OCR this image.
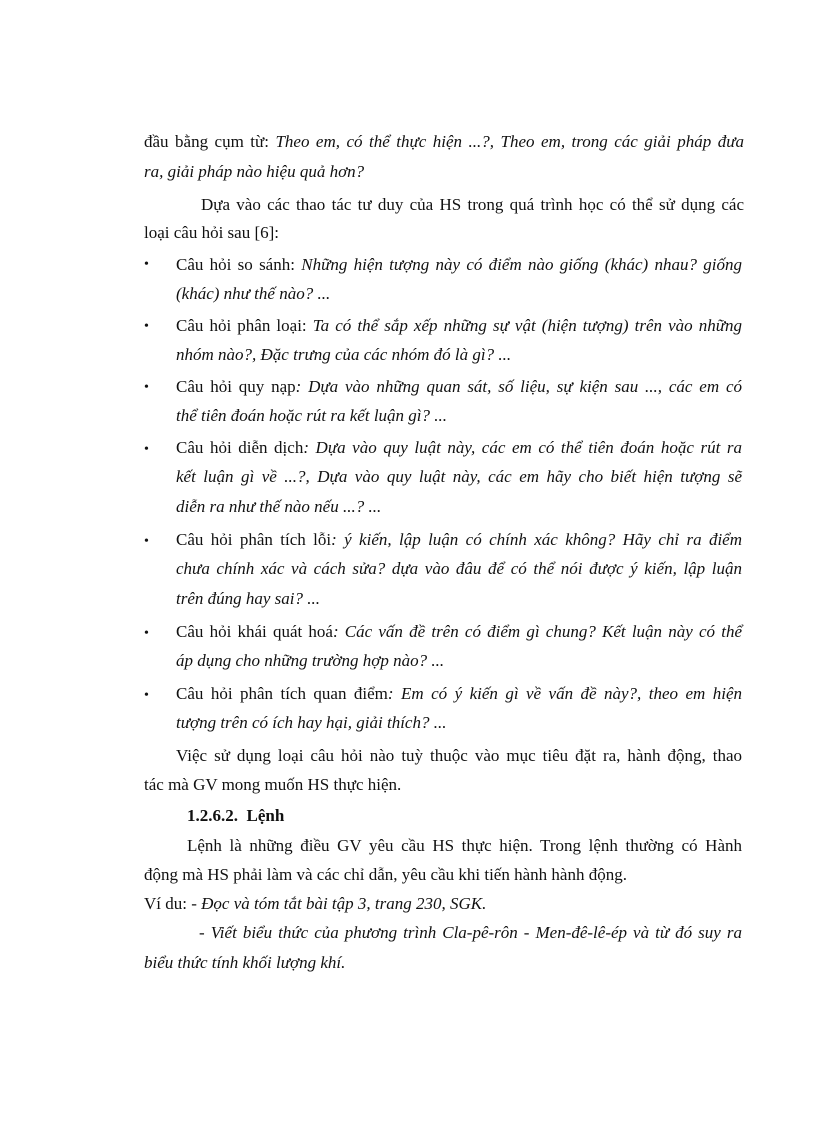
đầu bằng cụm từ: Theo em, có thể thực hiện ...?, Theo em, trong các giải pháp đưa
ra, giải pháp nào hiệu quả hơn?
Dựa vào các thao tác tư duy của HS trong quá trình học có thể sử dụng các
loại câu hỏi sau [6]:
• Câu hỏi so sánh: Những hiện tượng này có điểm nào giống (khác) nhau? giống
(khác) như thế nào? ...
• Câu hỏi phân loại: Ta có thể sắp xếp những sự vật (hiện tượng) trên vào những
nhóm nào?, Đặc trưng của các nhóm đó là gì? ...
• Câu hỏi quy nạp: Dựa vào những quan sát, số liệu, sự kiện sau ..., các em có
thể tiên đoán hoặc rút ra kết luận gì? ...
• Câu hỏi diễn dịch: Dựa vào quy luật này, các em có thể tiên đoán hoặc rút ra
kết luận gì về ...?, Dựa vào quy luật này, các em hãy cho biết hiện tượng sẽ
diễn ra như thế nào nếu ...? ...
• Câu hỏi phân tích lỗi: ý kiến, lập luận có chính xác không? Hãy chỉ ra điểm
chưa chính xác và cách sửa? dựa vào đâu để có thể nói được ý kiến, lập luận
trên đúng hay sai? ...
• Câu hỏi khái quát hoá: Các vấn đề trên có điểm gì chung? Kết luận này có thể
áp dụng cho những trường hợp nào? ...
• Câu hỏi phân tích quan điểm: Em có ý kiến gì về vấn đề này?, theo em hiện
tượng trên có ích hay hại, giải thích? ...
Việc sử dụng loại câu hỏi nào tuỳ thuộc vào mục tiêu đặt ra, hành động, thao
tác mà GV mong muốn HS thực hiện.
1.2.6.2. Lệnh
Lệnh là những điều GV yêu cầu HS thực hiện. Trong lệnh thường có Hành
động mà HS phải làm và các chỉ dẫn, yêu cầu khi tiến hành hành động.
Ví du: - Đọc và tóm tắt bài tập 3, trang 230, SGK.
- Viết biểu thức của phương trình Cla-pê-rôn - Men-đê-lê-ép và từ đó suy ra
biểu thức tính khối lượng khí.
